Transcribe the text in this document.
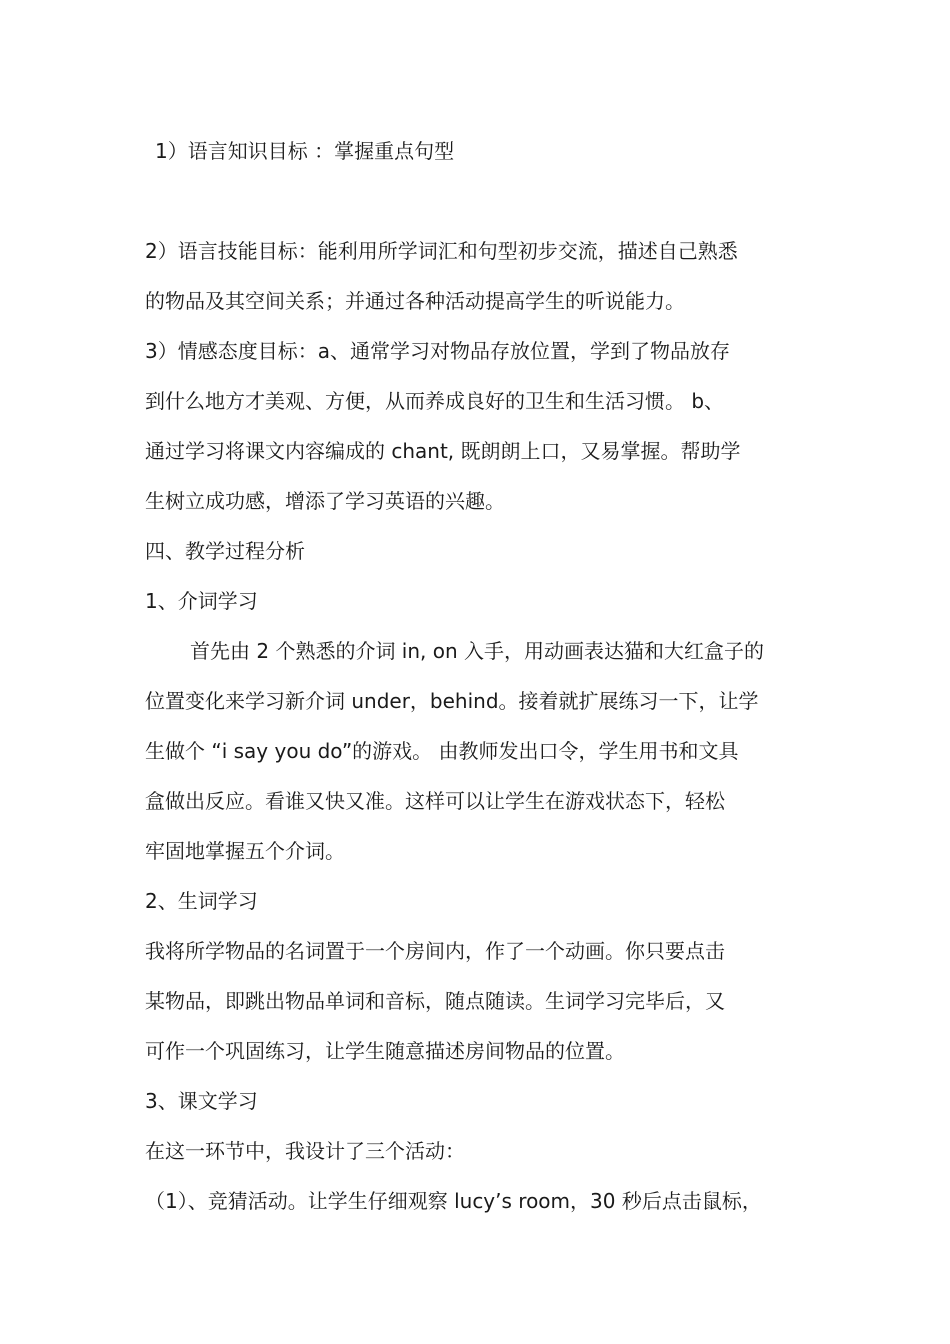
1）语言知识目标 ：掌握重点句型
2）语言技能目标：能利用所学词汇和句型初步交流，描述自己熟悉
的物品及其空间关系；并通过各种活动提高学生的听说能力。
3）情感态度目标：a、通常学习对物品存放位置，学到了物品放存
到什么地方才美观、方便，从而养成良好的卫生和生活习惯。 b、
通过学习将课文内容编成的 chant, 既朗朗上口，又易掌握。帮助学
生树立成功感，增添了学习英语的兴趣。
四、教学过程分析
1、介词学习
首先由 2 个熟悉的介词 in, on 入手，用动画表达猫和大红盒子的
位置变化来学习新介词 under，behind。接着就扩展练习一下，让学
生做个 “i say you do”的游戏。 由教师发出口令，学生用书和文具
盒做出反应。看谁又快又准。这样可以让学生在游戏状态下，轻松
牢固地掌握五个介词。
2、生词学习
我将所学物品的名词置于一个房间内，作了一个动画。你只要点击
某物品，即跳出物品单词和音标，随点随读。生词学习完毕后，又
可作一个巩固练习，让学生随意描述房间物品的位置。
3、课文学习
在这一环节中，我设计了三个活动：
（1）、竞猜活动。让学生仔细观察 lucy’s room，30 秒后点击鼠标，
